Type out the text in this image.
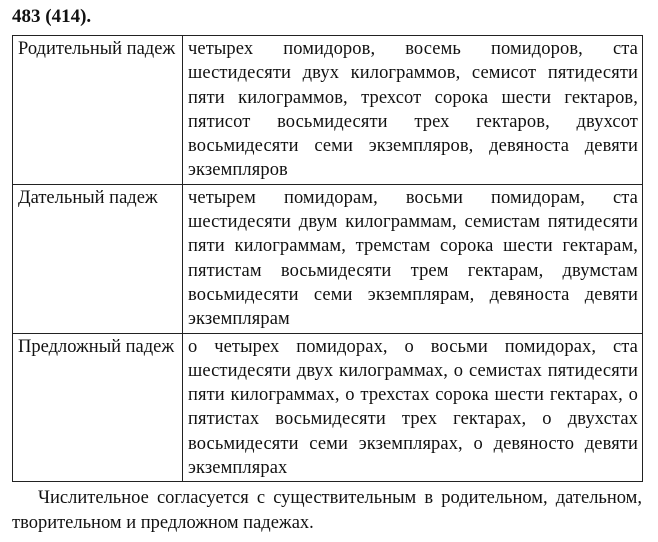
483 (414).
Родительный падеж	четырех помидоров, восемь помидоров, ста шестидесяти двух килограммов, семисот пятидесяти пяти килограммов, трехсот сорока шести гектаров, пятисот восьмидесяти трех гектаров, двухсот восьмидесяти семи экземпляров, девяноста девяти экземпляров

Дательный падеж	четырем помидорам, восьми помидорам, ста шестидесяти двум килограммам, семистам пятидесяти пяти килограммам, тремстам сорока шести гектарам, пятистам восьмидесяти трем гектарам, двумстам восьмидесяти семи экземплярам, девяноста девяти экземплярам

Предложный падеж	о четырех помидорах, о восьми помидорах, ста шестидесяти двух килограммах, о семистах пятидесяти пяти килограммах, о трехстах сорока шести гектарах, о пятистах восьмидесяти трех гектарах, о двухстах восьмидесяти семи экземплярах, о девяносто девяти экземплярах
Числительное согласуется с существительным в родительном, дательном, творительном и предложном падежах.
